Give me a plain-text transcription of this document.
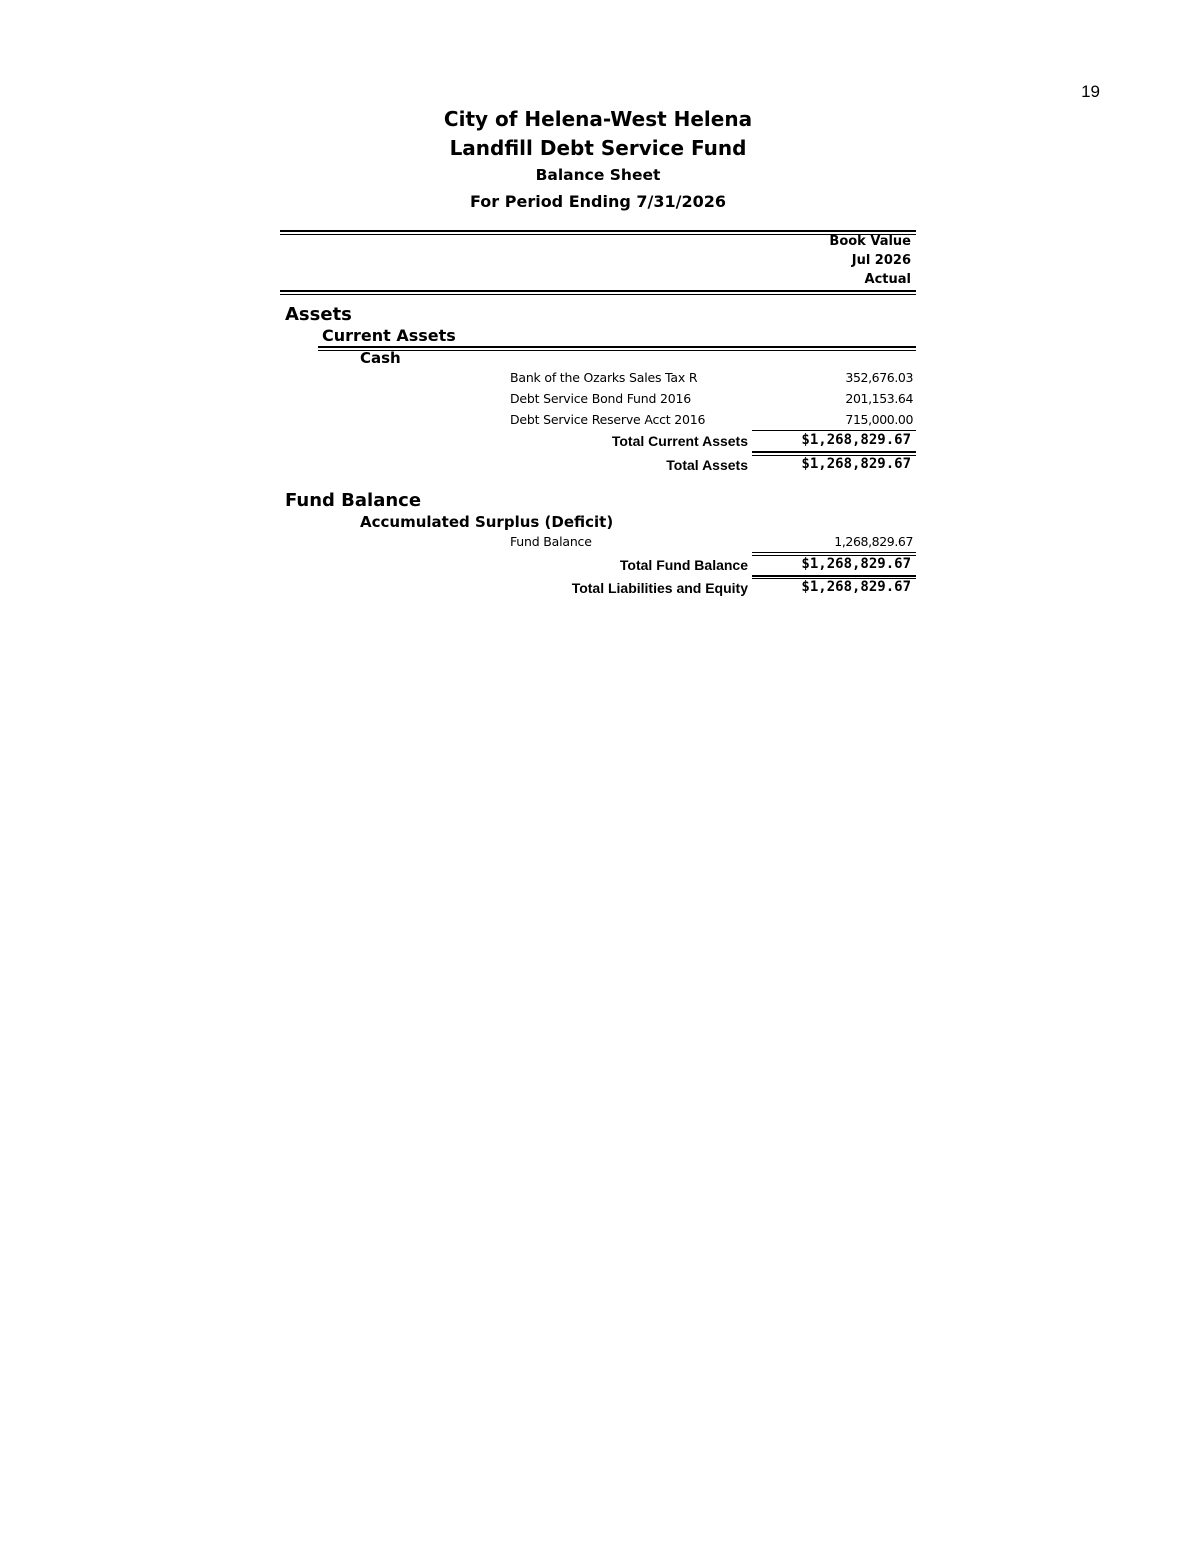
19
City of Helena-West Helena
Landfill Debt Service Fund
Balance Sheet
For Period Ending 7/31/2026
Book Value
Jul 2026
Actual
Assets
Current Assets
Cash
Bank of the Ozarks Sales Tax R	352,676.03
Debt Service Bond Fund 2016	201,153.64
Debt Service Reserve Acct 2016	715,000.00
Total Current Assets	$1,268,829.67
Total Assets	$1,268,829.67
Fund Balance
Accumulated Surplus (Deficit)
Fund Balance	1,268,829.67
Total Fund Balance	$1,268,829.67
Total Liabilities and Equity	$1,268,829.67
